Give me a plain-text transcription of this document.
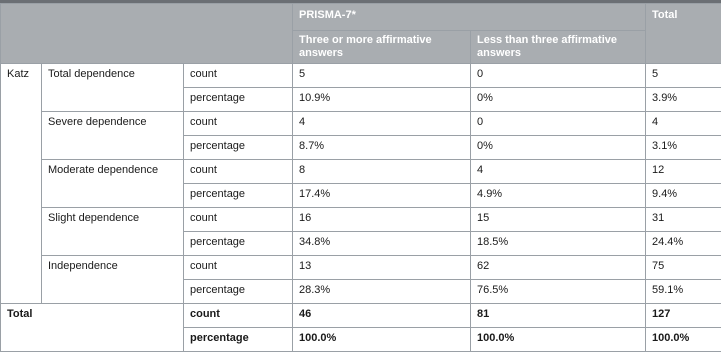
			PRISMA-7*		Total
			Three or more affirmative answers	Less than three affirmative answers	
Katz	Total dependence	count	5	0	5
		percentage	10.9%	0%	3.9%
	Severe dependence	count	4	0	4
		percentage	8.7%	0%	3.1%
	Moderate dependence	count	8	4	12
		percentage	17.4%	4.9%	9.4%
	Slight dependence	count	16	15	31
		percentage	34.8%	18.5%	24.4%
	Independence	count	13	62	75
		percentage	28.3%	76.5%	59.1%
Total		count	46	81	127
		percentage	100.0%	100.0%	100.0%
